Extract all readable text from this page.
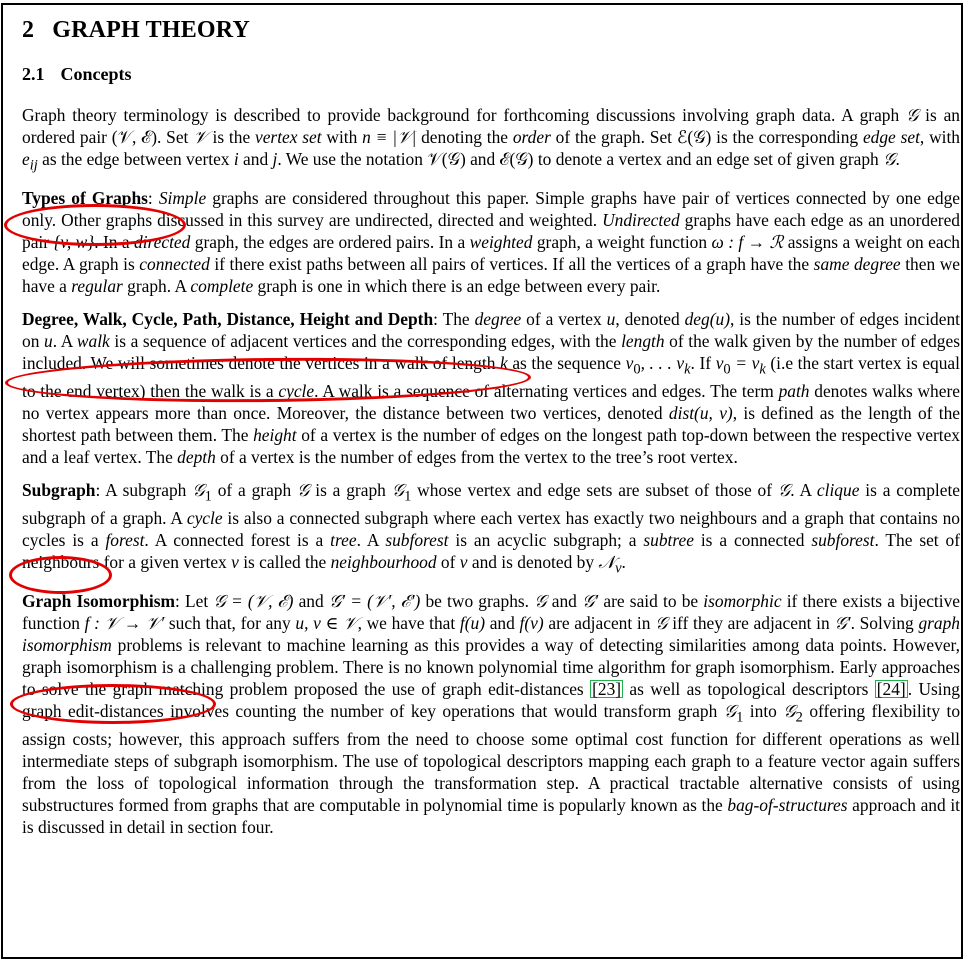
2 GRAPH THEORY
2.1 Concepts

Graph theory terminology is described to provide background for forthcoming discussions involving graph data. A graph 𝒢 is an ordered pair (𝒱, ℰ). Set 𝒱 is the vertex set with n ≡ |𝒱| denoting the order of the graph. Set ℰ(𝒢) is the corresponding edge set, with $e_{ij}$ as the edge between vertex i and j. We use the notation 𝒱(𝒢) and ℰ(𝒢) to denote a vertex and an edge set of given graph 𝒢.

Types of Graphs: Simple graphs are considered throughout this paper. Simple graphs have pair of vertices connected by one edge only. Other graphs discussed in this survey are undirected, directed and weighted. Undirected graphs have each edge as an unordered pair {v, w}. In a directed graph, the edges are ordered pairs. In a weighted graph, a weight function ω : f → ℛ assigns a weight on each edge. A graph is connected if there exist paths between all pairs of vertices. If all the vertices of a graph have the same degree then we have a regular graph. A complete graph is one in which there is an edge between every pair.

Degree, Walk, Cycle, Path, Distance, Height and Depth: The degree of a vertex u, denoted deg(u), is the number of edges incident on u. A walk is a sequence of adjacent vertices and the corresponding edges, with the length of the walk given by the number of edges included. We will sometimes denote the vertices in a walk of length k as the sequence $v_0$, . . . $v_k$. If $v_0 = v_k$ (i.e the start vertex is equal to the end vertex) then the walk is a cycle. A walk is a sequence of alternating vertices and edges. The term path denotes walks where no vertex appears more than once. Moreover, the distance between two vertices, denoted dist(u, v), is defined as the length of the shortest path between them. The height of a vertex is the number of edges on the longest path top-down between the respective vertex and a leaf vertex. The depth of a vertex is the number of edges from the vertex to the tree’s root vertex.

Subgraph: A subgraph 𝒢$_1$ of a graph 𝒢 is a graph 𝒢$_1$ whose vertex and edge sets are subset of those of 𝒢. A clique is a complete subgraph of a graph. A cycle is also a connected subgraph where each vertex has exactly two neighbours and a graph that contains no cycles is a forest. A connected forest is a tree. A subforest is an acyclic subgraph; a subtree is a connected subforest. The set of neighbours for a given vertex v is called the neighbourhood of v and is denoted by 𝒩$_v$.

Graph Isomorphism: Let 𝒢 = (𝒱, ℰ) and 𝒢′ = (𝒱′, ℰ′) be two graphs. 𝒢 and 𝒢′ are said to be isomorphic if there exists a bijective function f : 𝒱 → 𝒱′ such that, for any u, v ∈ 𝒱, we have that f(u) and f(v) are adjacent in 𝒢 iff they are adjacent in 𝒢′. Solving graph isomorphism problems is relevant to machine learning as this provides a way of detecting similarities among data points. However, graph isomorphism is a challenging problem. There is no known polynomial time algorithm for graph isomorphism. Early approaches to solve the graph matching problem proposed the use of graph edit-distances [23] as well as topological descriptors [24] . Using graph edit-distances involves counting the number of key operations that would transform graph 𝒢$_1$ into 𝒢$_2$ offering flexibility to assign costs; however, this approach suffers from the need to choose some optimal cost function for different operations as well intermediate steps of subgraph isomorphism. The use of topological descriptors mapping each graph to a feature vector again suffers from the loss of topological information through the transformation step. A practical tractable alternative consists of using substructures formed from graphs that are computable in polynomial time is popularly known as the bag-of-structures approach and it is discussed in detail in section four.
